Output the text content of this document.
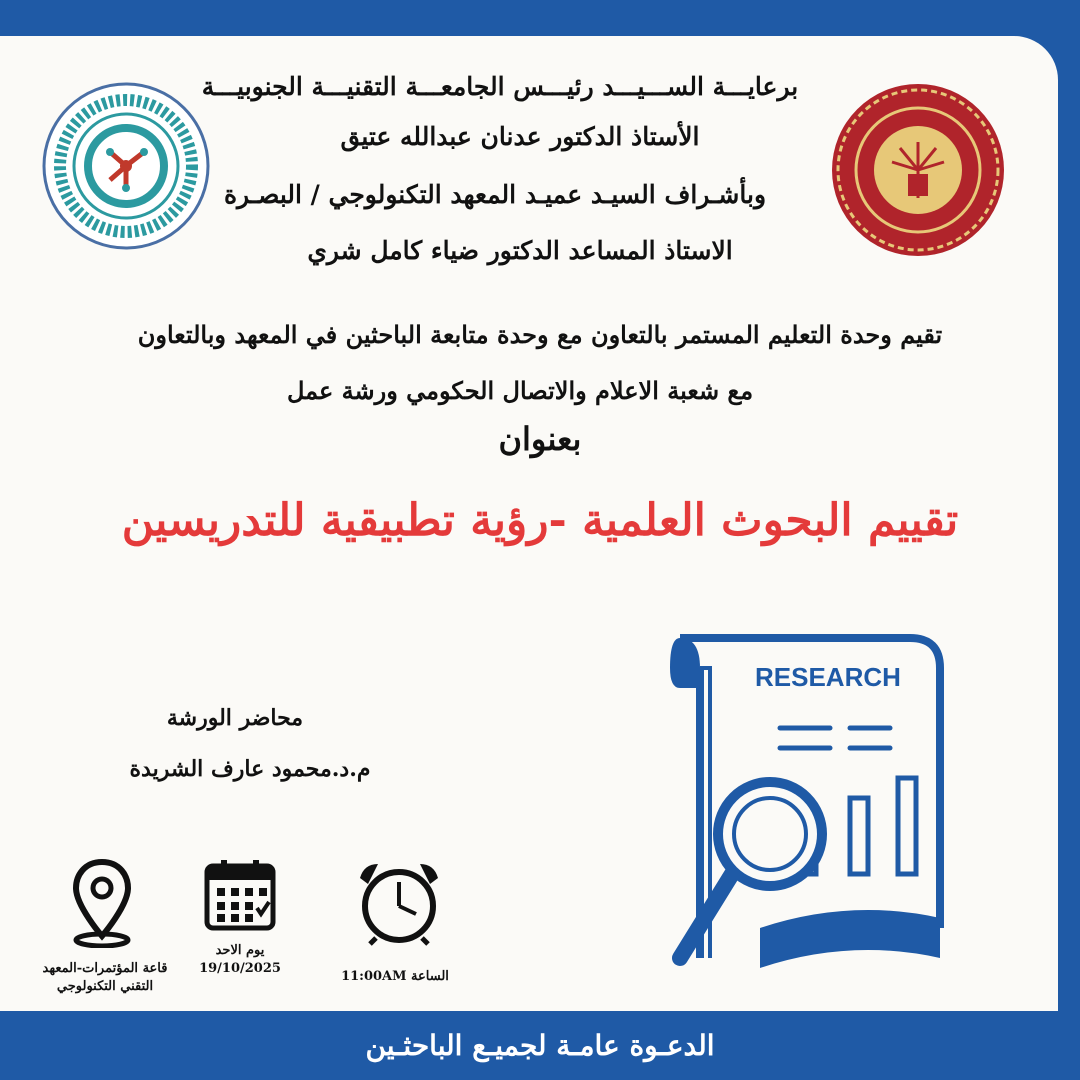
برعايـــة الســـيـــد رئيـــس الجامعـــة التقنيـــة الجنوبيـــة
الأستاذ الدكتور عدنان عبدالله عتيق
وبأشـراف السيـد عميـد المعهد التكنولوجي / البصـرة
الاستاذ المساعد الدكتور ضياء كامل شري
تقيم وحدة التعليم المستمر بالتعاون مع وحدة متابعة الباحثين في المعهد وبالتعاون
مع شعبة الاعلام والاتصال الحكومي ورشة عمل
بعنوان
تقييم البحوث العلمية -رؤية تطبيقية للتدريسين
محاضر الورشة
م.د.محمود عارف الشريدة
RESEARCH
قاعة المؤتمرات-المعهد
التقني التكنولوجي
يوم الاحد
19/10/2025
الساعة 11:00AM
الدعـوة عامـة لجميـع الباحثـين
